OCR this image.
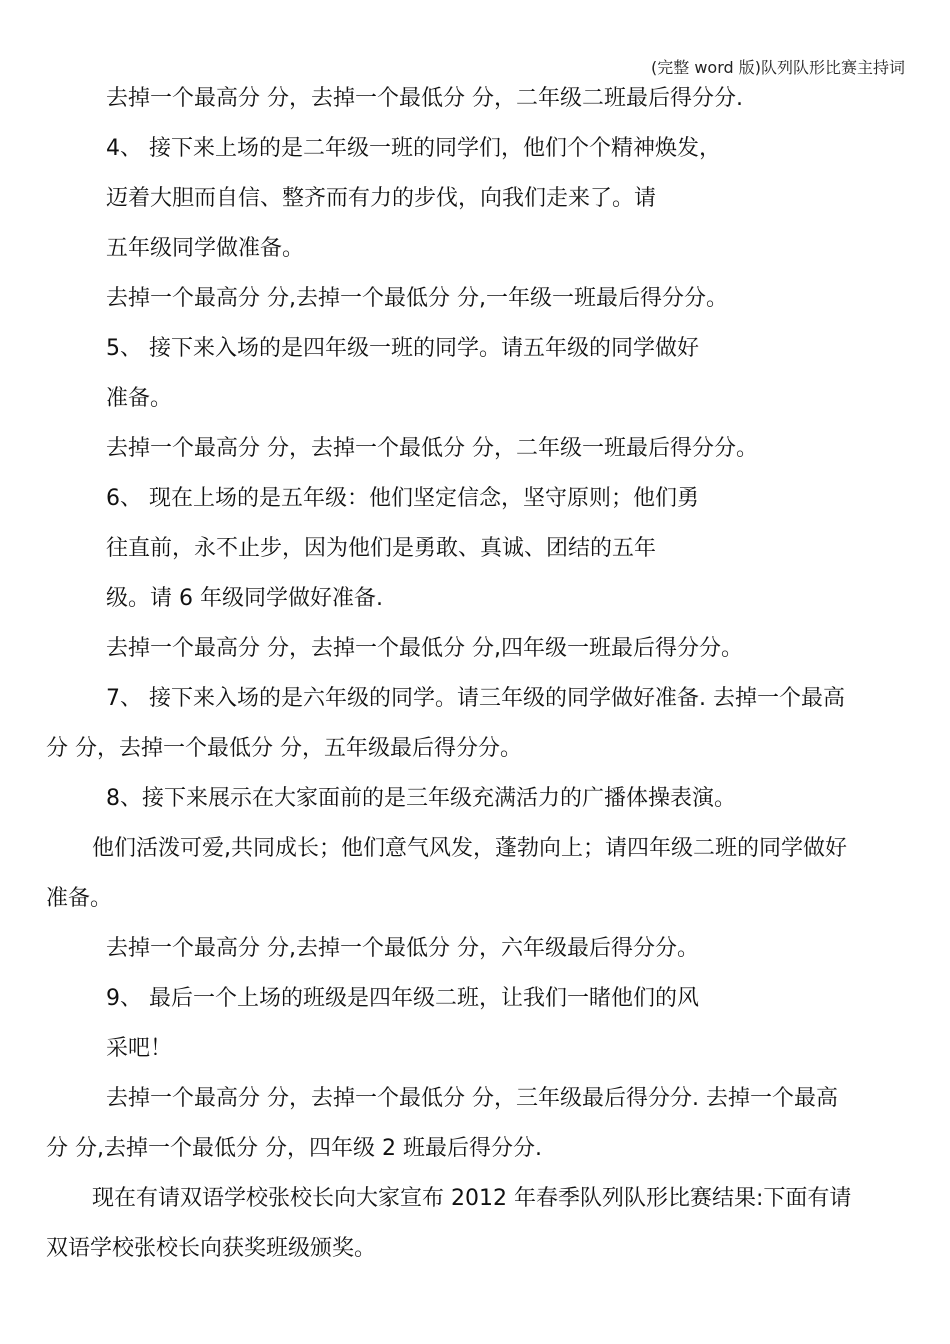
(完整 word 版)队列队形比赛主持词
去掉一个最高分 分，去掉一个最低分 分，二年级二班最后得分分.
4、 接下来上场的是二年级一班的同学们，他们个个精神焕发，
迈着大胆而自信、整齐而有力的步伐，向我们走来了。请
五年级同学做准备。
去掉一个最高分 分,去掉一个最低分 分,一年级一班最后得分分。
5、 接下来入场的是四年级一班的同学。请五年级的同学做好
准备。
去掉一个最高分 分，去掉一个最低分 分，二年级一班最后得分分。
6、 现在上场的是五年级：他们坚定信念，坚守原则；他们勇
往直前，永不止步，因为他们是勇敢、真诚、团结的五年
级。请 6 年级同学做好准备.
去掉一个最高分 分，去掉一个最低分 分,四年级一班最后得分分。
7、 接下来入场的是六年级的同学。请三年级的同学做好准备. 去掉一个最高
分 分，去掉一个最低分 分，五年级最后得分分。
8、接下来展示在大家面前的是三年级充满活力的广播体操表演。
他们活泼可爱,共同成长；他们意气风发，蓬勃向上；请四年级二班的同学做好
准备。
去掉一个最高分 分,去掉一个最低分 分，六年级最后得分分。
9、 最后一个上场的班级是四年级二班，让我们一睹他们的风
采吧！
去掉一个最高分 分，去掉一个最低分 分，三年级最后得分分. 去掉一个最高
分 分,去掉一个最低分 分，四年级 2 班最后得分分.
现在有请双语学校张校长向大家宣布 2012 年春季队列队形比赛结果:下面有请
双语学校张校长向获奖班级颁奖。
